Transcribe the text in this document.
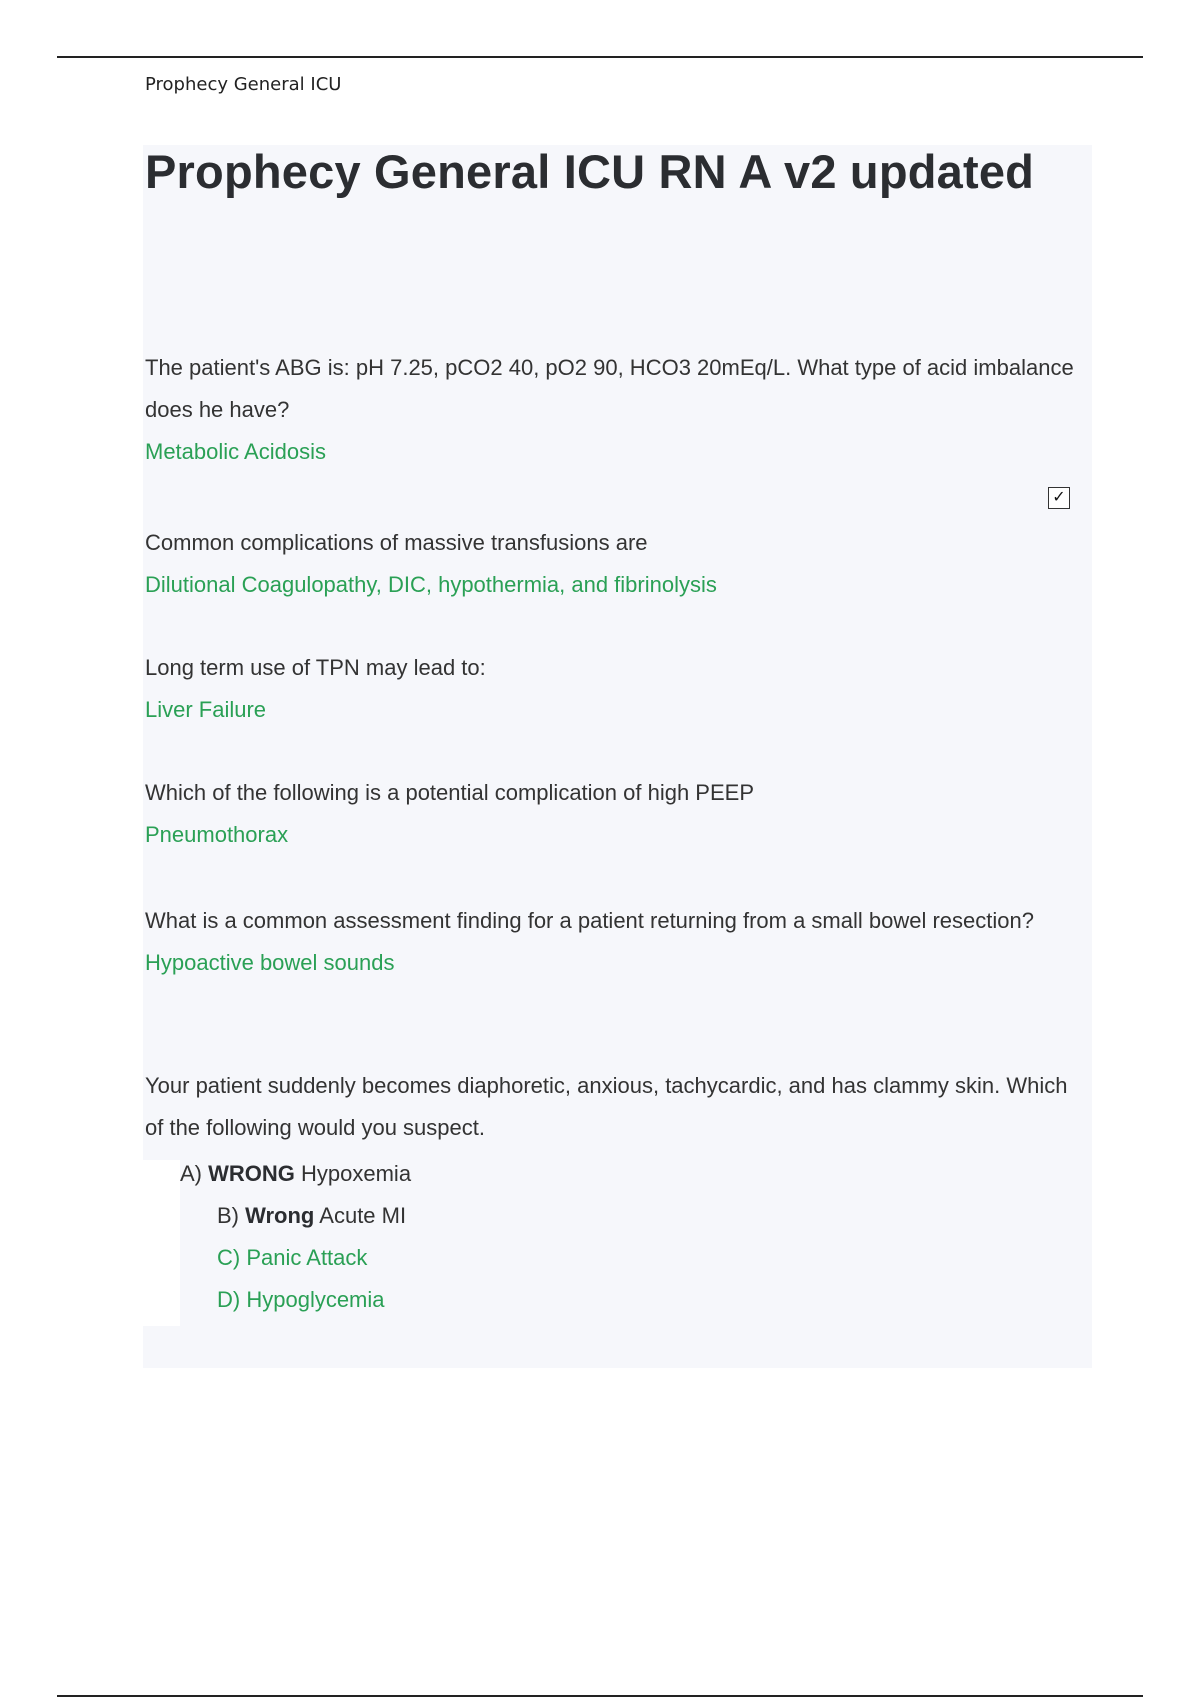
Prophecy General ICU
Prophecy General ICU RN A v2 updated
The patient's ABG is: pH 7.25, pCO2 40, pO2 90, HCO3 20mEq/L. What type of acid imbalance does he have?
Metabolic Acidosis
✓
Common complications of massive transfusions are
Dilutional Coagulopathy, DIC, hypothermia, and fibrinolysis
Long term use of TPN may lead to:
Liver Failure
Which of the following is a potential complication of high PEEP
Pneumothorax
What is a common assessment finding for a patient returning from a small bowel resection?
Hypoactive bowel sounds
Your patient suddenly becomes diaphoretic, anxious, tachycardic, and has clammy skin. Which of the following would you suspect.
A) WRONG Hypoxemia
B) Wrong Acute MI
C) Panic Attack
D) Hypoglycemia
